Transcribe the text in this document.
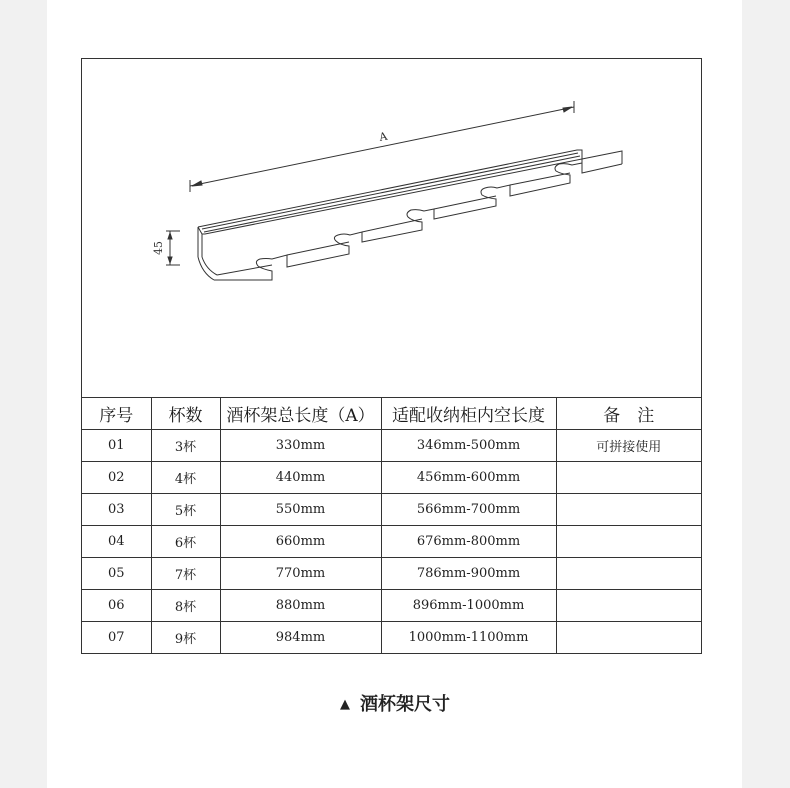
A
45
序号	杯数	酒杯架总长度（A）	适配收纳柜内空长度	备　注
01	3杯	330mm	346mm-500mm	可拼接使用
02	4杯	440mm	456mm-600mm	
03	5杯	550mm	566mm-700mm	
04	6杯	660mm	676mm-800mm	
05	7杯	770mm	786mm-900mm	
06	8杯	880mm	896mm-1000mm	
07	9杯	984mm	1000mm-1100mm	
▲ 酒杯架尺寸
